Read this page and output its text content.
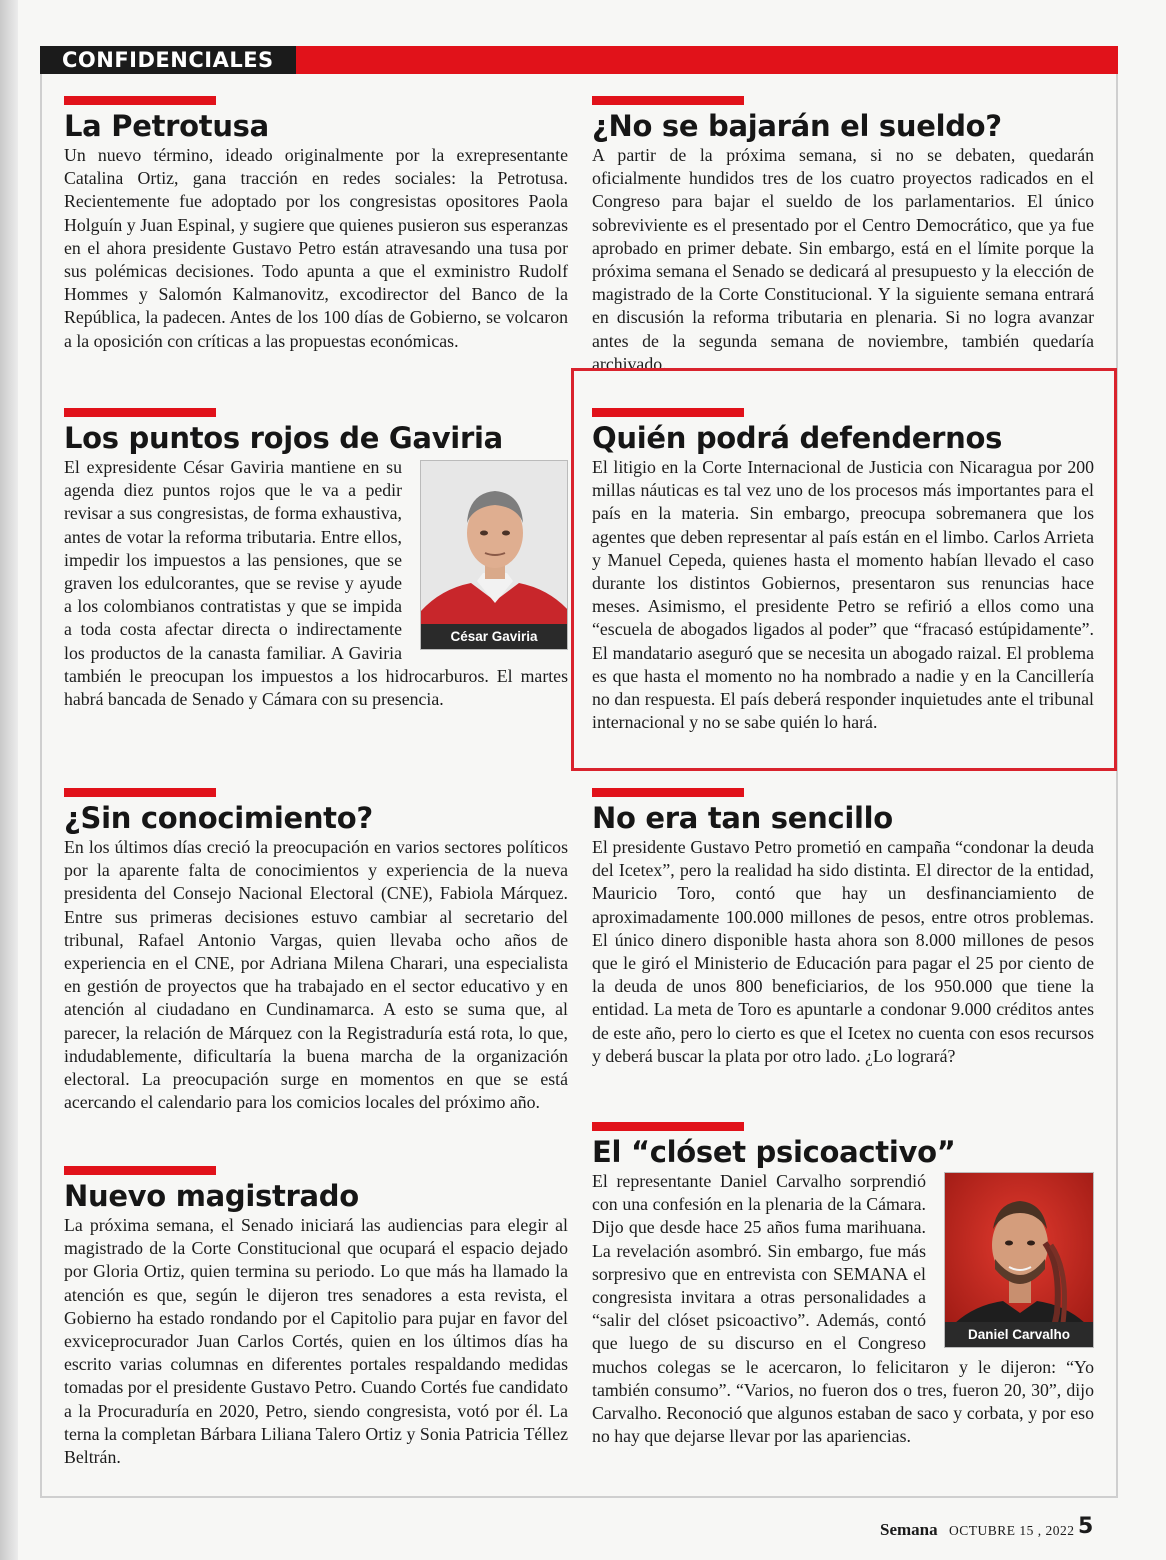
CONFIDENCIALES
La Petrotusa

Un nuevo término, ideado originalmente por la exrepresentante Catalina Ortiz, gana tracción en redes sociales: la Petrotusa. Recientemente fue adoptado por los congresistas opositores Paola Holguín y Juan Espinal, y sugiere que quienes pusieron sus esperanzas en el ahora presidente Gustavo Petro están atravesando una tusa por sus polémicas decisiones. Todo apunta a que el exministro Rudolf Hommes y Salomón Kalmanovitz, excodirector del Banco de la República, la padecen. Antes de los 100 días de Gobierno, se volcaron a la oposición con críticas a las propuestas económicas.

Los puntos rojos de Gaviria
César Gaviria

El expresidente César Gaviria mantiene en su agenda diez puntos rojos que le va a pedir revisar a sus congresistas, de forma exhaustiva, antes de votar la reforma tributaria. Entre ellos, impedir los impuestos a las pensiones, que se graven los edulcorantes, que se revise y ayude a los colombianos contratistas y que se impida a toda costa afectar directa o indirectamente los productos de la canasta familiar. A Gaviria también le preocupan los impuestos a los hidrocarburos. El martes habrá bancada de Senado y Cámara con su presencia.

¿Sin conocimiento?

En los últimos días creció la preocupación en varios sectores políticos por la aparente falta de conocimientos y experiencia de la nueva presidenta del Consejo Nacional Electoral (CNE), Fabiola Márquez. Entre sus primeras decisiones estuvo cambiar al secretario del tribunal, Rafael Antonio Vargas, quien llevaba ocho años de experiencia en el CNE, por Adriana Milena Charari, una especialista en gestión de proyectos que ha trabajado en el sector educativo y en atención al ciudadano en Cundinamarca. A esto se suma que, al parecer, la relación de Márquez con la Registraduría está rota, lo que, indudablemente, dificultaría la buena marcha de la organización electoral. La preocupación surge en momentos en que se está acercando el calendario para los comicios locales del próximo año.

Nuevo magistrado

La próxima semana, el Senado iniciará las audiencias para elegir al magistrado de la Corte Constitucional que ocupará el espacio dejado por Gloria Ortiz, quien termina su periodo. Lo que más ha llamado la atención es que, según le dijeron tres senadores a esta revista, el Gobierno ha estado rondando por el Capitolio para pujar en favor del exviceprocurador Juan Carlos Cortés, quien en los últimos días ha escrito varias columnas en diferentes portales respaldando medidas tomadas por el presidente Gustavo Petro. Cuando Cortés fue candidato a la Procuraduría en 2020, Petro, siendo congresista, votó por él. La terna la completan Bárbara Liliana Talero Ortiz y Sonia Patricia Téllez Beltrán.

¿No se bajarán el sueldo?

A partir de la próxima semana, si no se debaten, quedarán oficialmente hundidos tres de los cuatro proyectos radicados en el Congreso para bajar el sueldo de los parlamentarios. El único sobreviviente es el presentado por el Centro Democrático, que ya fue aprobado en primer debate. Sin embargo, está en el límite porque la próxima semana el Senado se dedicará al presupuesto y la elección de magistrado de la Corte Constitucional. Y la siguiente semana entrará en discusión la reforma tributaria en plenaria. Si no logra avanzar antes de la segunda semana de noviembre, también quedaría archivado.

Quién podrá defendernos

El litigio en la Corte Internacional de Justicia con Nicaragua por 200 millas náuticas es tal vez uno de los procesos más importantes para el país en la materia. Sin embargo, preocupa sobremanera que los agentes que deben representar al país están en el limbo. Carlos Arrieta y Manuel Cepeda, quienes hasta el momento habían llevado el caso durante los distintos Gobiernos, presentaron sus renuncias hace meses. Asimismo, el presidente Petro se refirió a ellos como una “escuela de abogados ligados al poder” que “fracasó estúpidamente”. El mandatario aseguró que se necesita un abogado raizal. El problema es que hasta el momento no ha nombrado a nadie y en la Cancillería no dan respuesta. El país deberá responder inquietudes ante el tribunal internacional y no se sabe quién lo hará.

No era tan sencillo

El presidente Gustavo Petro prometió en campaña “condonar la deuda del Icetex”, pero la realidad ha sido distinta. El director de la entidad, Mauricio Toro, contó que hay un desfinanciamiento de aproximadamente 100.000 millones de pesos, entre otros problemas. El único dinero disponible hasta ahora son 8.000 millones de pesos que le giró el Ministerio de Educación para pagar el 25 por ciento de la deuda de unos 800 beneficiarios, de los 950.000 que tiene la entidad. La meta de Toro es apuntarle a condonar 9.000 créditos antes de este año, pero lo cierto es que el Icetex no cuenta con esos recursos y deberá buscar la plata por otro lado. ¿Lo logrará?

El “clóset psicoactivo”
Daniel Carvalho

El representante Daniel Carvalho sorprendió con una confesión en la plenaria de la Cámara. Dijo que desde hace 25 años fuma marihuana. La revelación asombró. Sin embargo, fue más sorpresivo que en entrevista con SEMANA el congresista invitara a otras personalidades a “salir del clóset psicoactivo”. Además, contó que luego de su discurso en el Congreso muchos colegas se le acercaron, lo felicitaron y le dijeron: “Yo también consumo”. “Varios, no fueron dos o tres, fueron 20, 30”, dijo Carvalho. Reconoció que algunos estaban de saco y corbata, y por eso no hay que dejarse llevar por las apariencias.

Semana OCTUBRE 15 , 2022 5
